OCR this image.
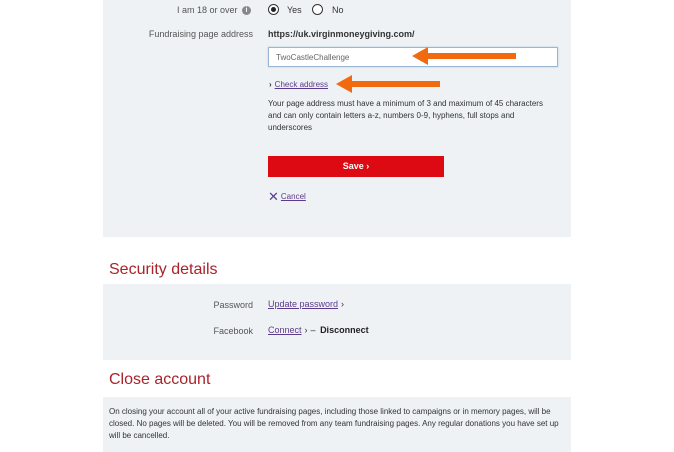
I am 18 or over i	Yes	No
Fundraising page address https://uk.virginmoneygiving.com/
TwoCastleChallenge
› Check address
Your page address must have a minimum of 3 and maximum of 45 characters and can only contain letters a-z, numbers 0-9, hyphens, full stops and underscores
Save ›
✕ Cancel
Security details
Password Update password ›
Facebook Connect › – Disconnect
Close account
On closing your account all of your active fundraising pages, including those linked to campaigns or in memory pages, will be closed. No pages will be deleted. You will be removed from any team fundraising pages. Any regular donations you have set up will be cancelled.
